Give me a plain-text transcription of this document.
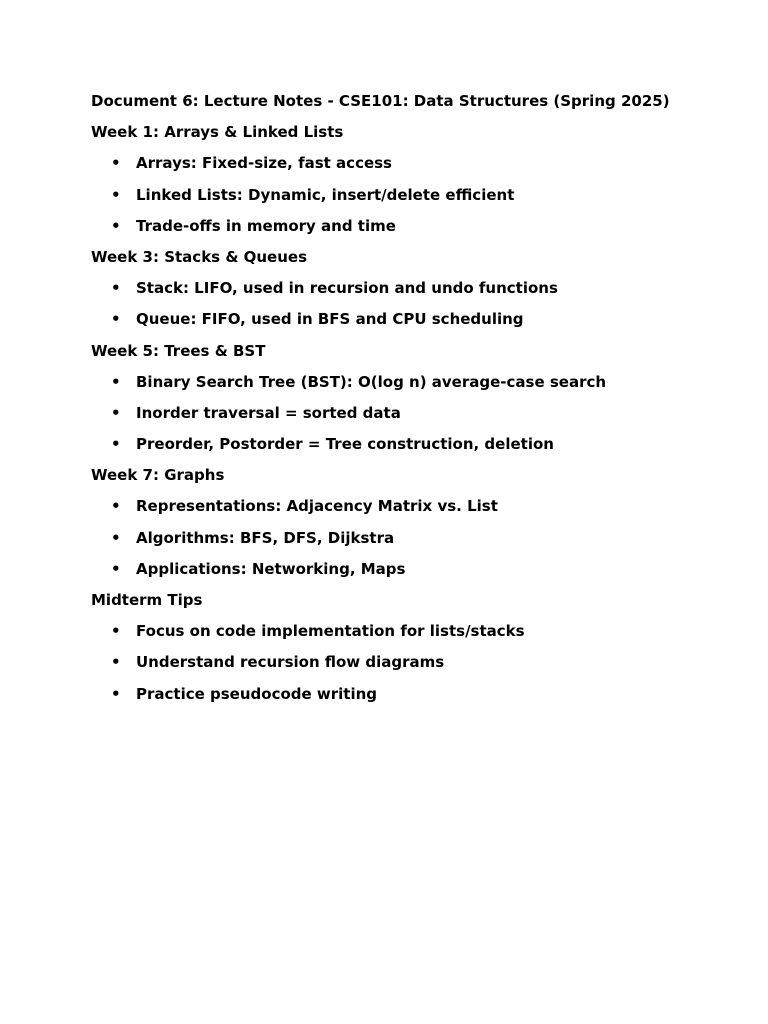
Document 6: Lecture Notes - CSE101: Data Structures (Spring 2025)
Week 1: Arrays & Linked Lists
• Arrays: Fixed-size, fast access
• Linked Lists: Dynamic, insert/delete efficient
• Trade-offs in memory and time
Week 3: Stacks & Queues
• Stack: LIFO, used in recursion and undo functions
• Queue: FIFO, used in BFS and CPU scheduling
Week 5: Trees & BST
• Binary Search Tree (BST): O(log n) average-case search
• Inorder traversal = sorted data
• Preorder, Postorder = Tree construction, deletion
Week 7: Graphs
• Representations: Adjacency Matrix vs. List
• Algorithms: BFS, DFS, Dijkstra
• Applications: Networking, Maps
Midterm Tips
• Focus on code implementation for lists/stacks
• Understand recursion flow diagrams
• Practice pseudocode writing
